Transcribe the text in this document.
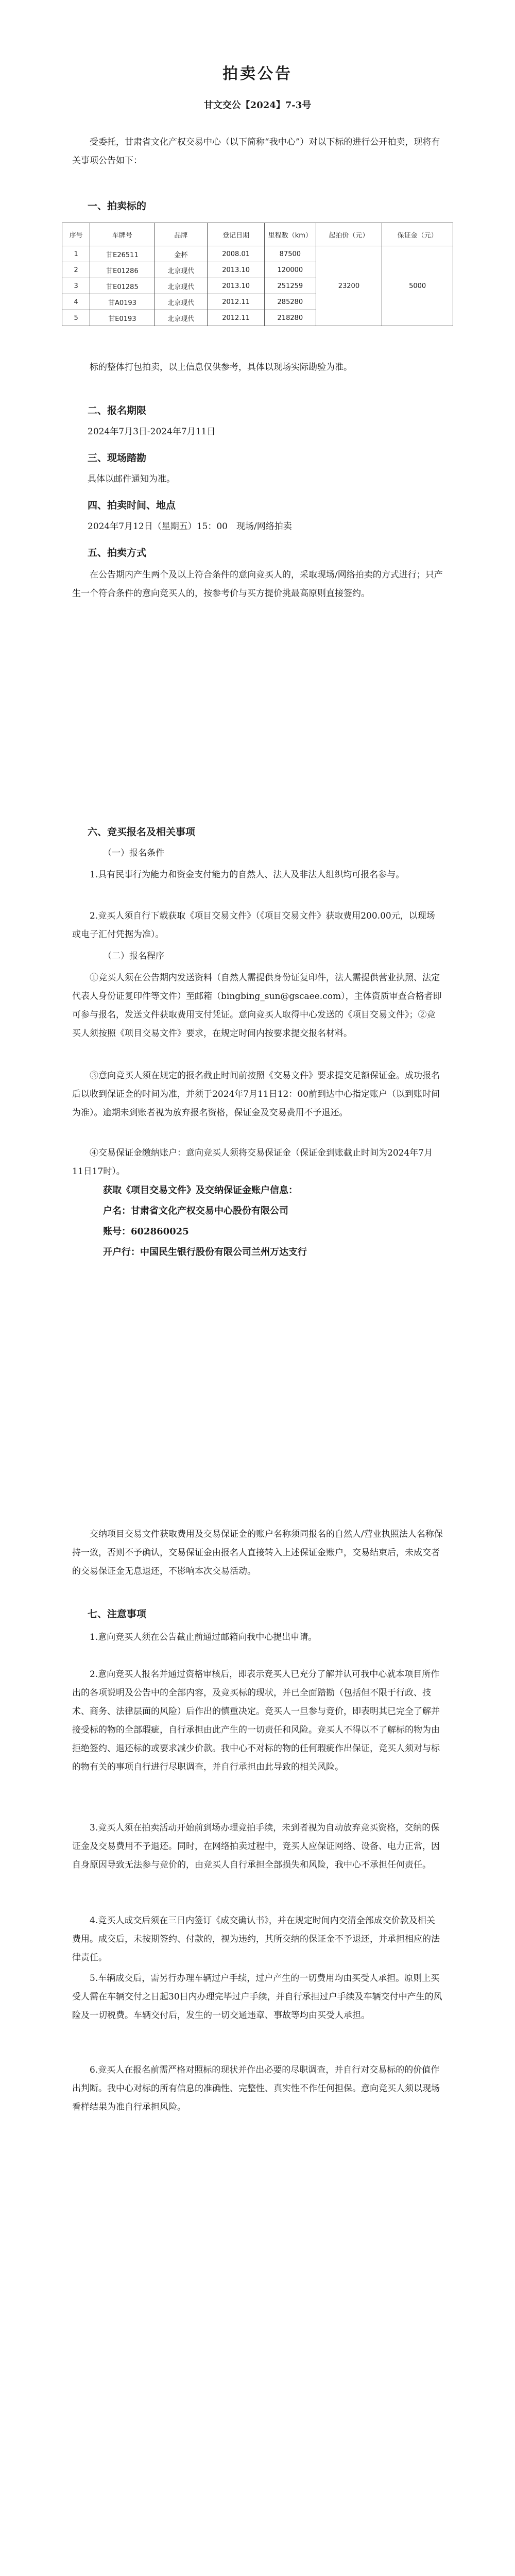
拍卖公告
甘文交公【2024】7-3号

受委托，甘肃省文化产权交易中心（以下简称“我中心”）对以下标的进行公开拍卖，现将有关事项公告如下：

一、拍卖标的

序号	车牌号	品牌	登记日期	里程数（km）	起拍价（元）	保证金（元）
1	甘E26511	金杯	2008.01	87500	23200	5000
2	甘E01286	北京现代	2013.10	120000		
3	甘E01285	北京现代	2013.10	251259		
4	甘A0193	北京现代	2012.11	285280		
5	甘E0193	北京现代	2012.11	218280		

标的整体打包拍卖，以上信息仅供参考，具体以现场实际勘验为准。

二、报名期限

2024年7月3日-2024年7月11日

三、现场踏勘

具体以邮件通知为准。

四、拍卖时间、地点

2024年7月12日（星期五）15：00　现场/网络拍卖

五、拍卖方式

在公告期内产生两个及以上符合条件的意向竞买人的，采取现场/网络拍卖的方式进行；只产生一个符合条件的意向竞买人的，按参考价与买方提价挑最高原则直接签约。

六、竞买报名及相关事项

（一）报名条件

1.具有民事行为能力和资金支付能力的自然人、法人及非法人组织均可报名参与。

2.竞买人须自行下载获取《项目交易文件》（《项目交易文件》获取费用200.00元，以现场或电子汇付凭据为准）。

（二）报名程序

①竞买人须在公告期内发送资料（自然人需提供身份证复印件，法人需提供营业执照、法定代表人身份证复印件等文件）至邮箱（bingbing_sun@gscaee.com），主体资质审查合格者即可参与报名，发送文件获取费用支付凭证。意向竞买人取得中心发送的《项目交易文件》；②竞买人须按照《项目交易文件》要求，在规定时间内按要求提交报名材料。

③意向竞买人须在规定的报名截止时间前按照《交易文件》要求提交足额保证金。成功报名后以收到保证金的时间为准，并须于2024年7月11日12：00前到达中心指定账户（以到账时间为准）。逾期未到账者视为放弃报名资格，保证金及交易费用不予退还。

④交易保证金缴纳账户：意向竞买人须将交易保证金（保证金到账截止时间为2024年7月11日17时）。

获取《项目交易文件》及交纳保证金账户信息：

户名：甘肃省文化产权交易中心股份有限公司

账号：602860025

开户行：中国民生银行股份有限公司兰州万达支行

交纳项目交易文件获取费用及交易保证金的账户名称须同报名的自然人/营业执照法人名称保持一致，否则不予确认，交易保证金由报名人直接转入上述保证金账户，交易结束后，未成交者的交易保证金无息退还，不影响本次交易活动。

七、注意事项

1.意向竞买人须在公告截止前通过邮箱向我中心提出申请。

2.意向竞买人报名并通过资格审核后，即表示竞买人已充分了解并认可我中心就本项目所作出的各项说明及公告中的全部内容，及竞买标的现状，并已全面踏勘（包括但不限于行政、技术、商务、法律层面的风险）后作出的慎重决定。竞买人一旦参与竞价，即表明其已完全了解并接受标的物的全部瑕疵，自行承担由此产生的一切责任和风险。竞买人不得以不了解标的物为由拒绝签约、退还标的或要求减少价款。我中心不对标的物的任何瑕疵作出保证，竞买人须对与标的物有关的事项自行进行尽职调查，并自行承担由此导致的相关风险。

3.竞买人须在拍卖活动开始前到场办理竞拍手续，未到者视为自动放弃竞买资格，交纳的保证金及交易费用不予退还。同时，在网络拍卖过程中，竞买人应保证网络、设备、电力正常，因自身原因导致无法参与竞价的，由竞买人自行承担全部损失和风险，我中心不承担任何责任。

4.竞买人成交后须在三日内签订《成交确认书》，并在规定时间内交清全部成交价款及相关费用。成交后，未按期签约、付款的，视为违约，其所交纳的保证金不予退还，并承担相应的法律责任。

5.车辆成交后，需另行办理车辆过户手续，过户产生的一切费用均由买受人承担。原则上买受人需在车辆交付之日起30日内办理完毕过户手续，并自行承担过户手续及车辆交付中产生的风险及一切税费。车辆交付后，发生的一切交通违章、事故等均由买受人承担。

6.竞买人在报名前需严格对照标的现状并作出必要的尽职调查，并自行对交易标的的价值作出判断。我中心对标的所有信息的准确性、完整性、真实性不作任何担保。意向竞买人须以现场看样结果为准自行承担风险。
